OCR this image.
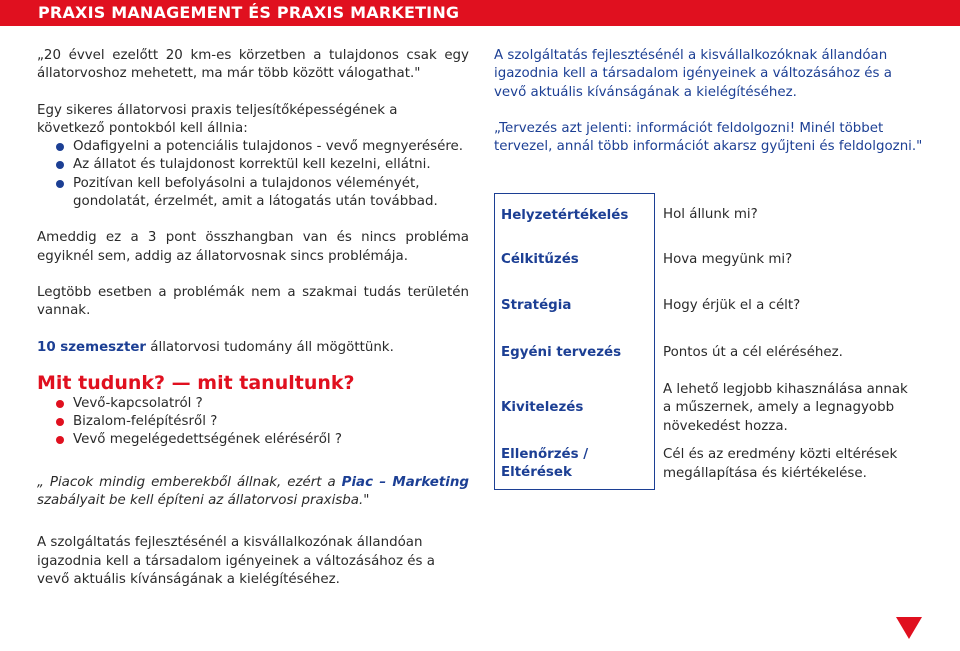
PRAXIS MANAGEMENT ÉS PRAXIS MARKETING

„20 évvel ezelőtt 20 km-es körzetben a tulajdonos csak egy állatorvoshoz mehetett, ma már több között válogathat."

Egy sikeres állatorvosi praxis teljesítőképességének a következő pontokból kell állnia:

Odafigyelni a potenciális tulajdonos - vevő megnyerésére.
Az állatot és tulajdonost korrektül kell kezelni, ellátni.
Pozitívan kell befolyásolni a tulajdonos véleményét, gondolatát, érzelmét, amit a látogatás után továbbad.

Ameddig ez a 3 pont összhangban van és nincs probléma egyiknél sem, addig az állatorvosnak sincs problémája.

Legtöbb esetben a problémák nem a szakmai tudás területén vannak.

10 szemeszter állatorvosi tudomány áll mögöttünk.

Mit tudunk? — mit tanultunk?

Vevő-kapcsolatról ?
Bizalom-felépítésről ?
Vevő megelégedettségének eléréséről ?

„ Piacok mindig emberekből állnak, ezért a Piac – Marketing szabályait be kell építeni az állatorvosi praxisba."

A szolgáltatás fejlesztésénél a kisvállalkozónak állandóan igazodnia kell a társadalom igényeinek a változásához és a vevő aktuális kívánságának a kielégítéséhez.

A szolgáltatás fejlesztésénél a kisvállalkozóknak állandóan igazodnia kell a társadalom igényeinek a változásához és a vevő aktuális kívánságának a kielégítéséhez.

„Tervezés azt jelenti: információt feldolgozni! Minél többet tervezel, annál több információt akarsz gyűjteni és feldolgozni."

Helyzetértékelés	Hol állunk mi?
Célkitűzés	Hova megyünk mi?
Stratégia	Hogy érjük el a célt?
Egyéni tervezés	Pontos út a cél eléréséhez.
Kivitelezés	A lehető legjobb kihasználása annak a műszernek, amely a legnagyobb növekedést hozza.
Ellenőrzés / Eltérések	Cél és az eredmény közti eltérések megállapítása és kiértékelése.
